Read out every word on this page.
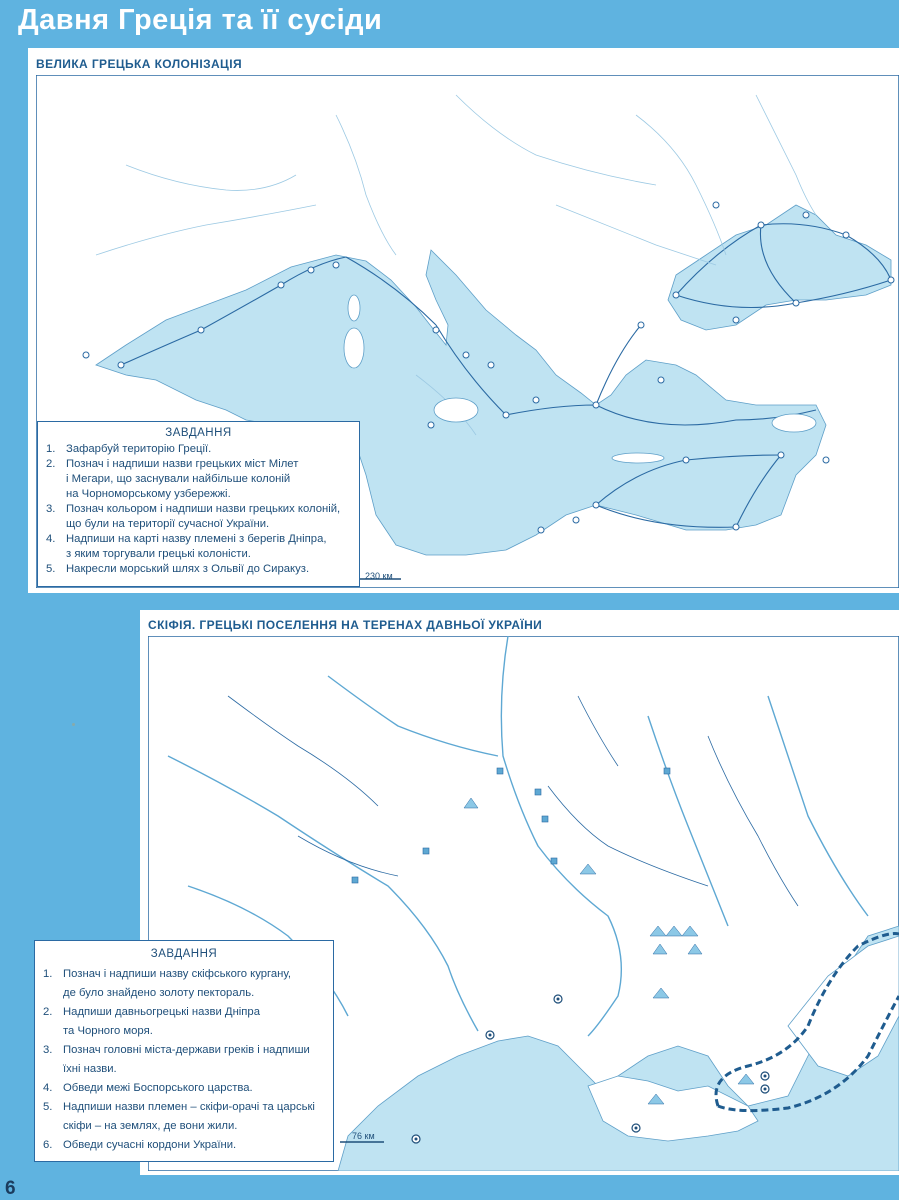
Давня Греція та її сусіди
ВЕЛИКА ГРЕЦЬКА КОЛОНІЗАЦІЯ
230 км
ЗАВДАННЯ
1. Зафарбуй територію Греції.
2. Познач і надпиши назви грецьких міст Мілет
і Мегари, що заснували найбільше колоній
на Чорноморському узбережжі.
3. Познач кольором і надпиши назви грецьких колоній,
що були на території сучасної України.
4. Надпиши на карті назву племені з берегів Дніпра,
з яким торгували грецькі колоністи.
5. Накресли морський шлях з Ольвії до Сиракуз.
СКІФІЯ. ГРЕЦЬКІ ПОСЕЛЕННЯ НА ТЕРЕНАХ ДАВНЬОЇ УКРАЇНИ
76 км
ЗАВДАННЯ
1. Познач і надпиши назву скіфського кургану,
де було знайдено золоту пектораль.
2. Надпиши давньогрецькі назви Дніпра
та Чорного моря.
3. Познач головні міста-держави греків і надпиши
їхні назви.
4. Обведи межі Боспорського царства.
5. Надпиши назви племен – скіфи-орачі та царські
скіфи – на землях, де вони жили.
6. Обведи сучасні кордони України.
6
